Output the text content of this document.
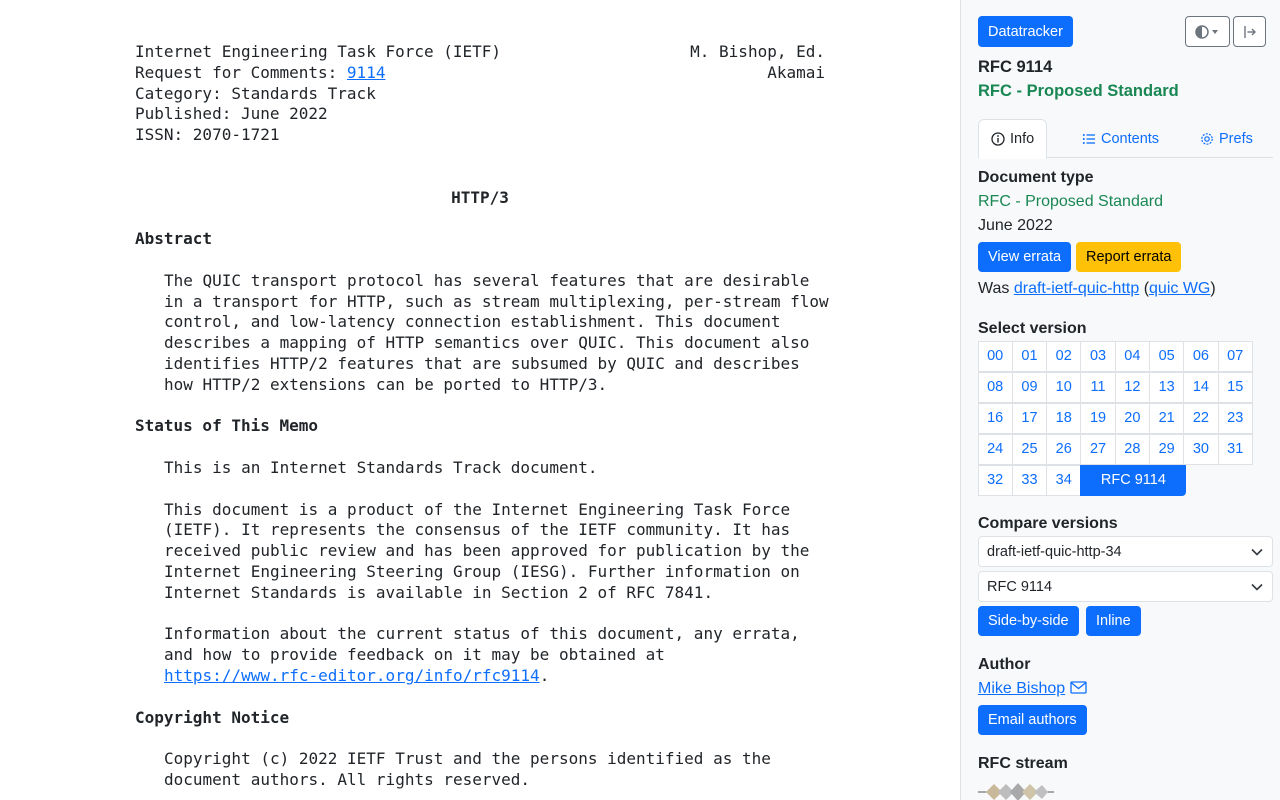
Internet Engineering Task Force (IETF)
Request for Comments: 9114
Category: Standards Track
Published: June 2022
ISSN: 2070-1721
M. Bishop, Ed.
Akamai
HTTP/3
Abstract
The QUIC transport protocol has several features that are desirable
in a transport for HTTP, such as stream multiplexing, per-stream flow
control, and low-latency connection establishment. This document
describes a mapping of HTTP semantics over QUIC. This document also
identifies HTTP/2 features that are subsumed by QUIC and describes
how HTTP/2 extensions can be ported to HTTP/3.
Status of This Memo
This is an Internet Standards Track document.
This document is a product of the Internet Engineering Task Force
(IETF). It represents the consensus of the IETF community. It has
received public review and has been approved for publication by the
Internet Engineering Steering Group (IESG). Further information on
Internet Standards is available in Section 2 of RFC 7841.
Information about the current status of this document, any errata,
and how to provide feedback on it may be obtained at
https://www.rfc-editor.org/info/rfc9114.
Copyright Notice
Copyright (c) 2022 IETF Trust and the persons identified as the
document authors. All rights reserved.
Datatracker
RFC 9114
RFC - Proposed Standard
Info	Contents	Prefs
Document type
RFC - Proposed Standard
June 2022
View errata	Report errata
Was draft-ietf-quic-http (quic WG)
Select version
00	01	02	03	04	05	06	07
08	09	10	11	12	13	14	15
16	17	18	19	20	21	22	23
24	25	26	27	28	29	30	31
32	33	34	RFC 9114
Compare versions
draft-ietf-quic-http-34
RFC 9114
Side-by-side	Inline
Author
Mike Bishop
Email authors
RFC stream
